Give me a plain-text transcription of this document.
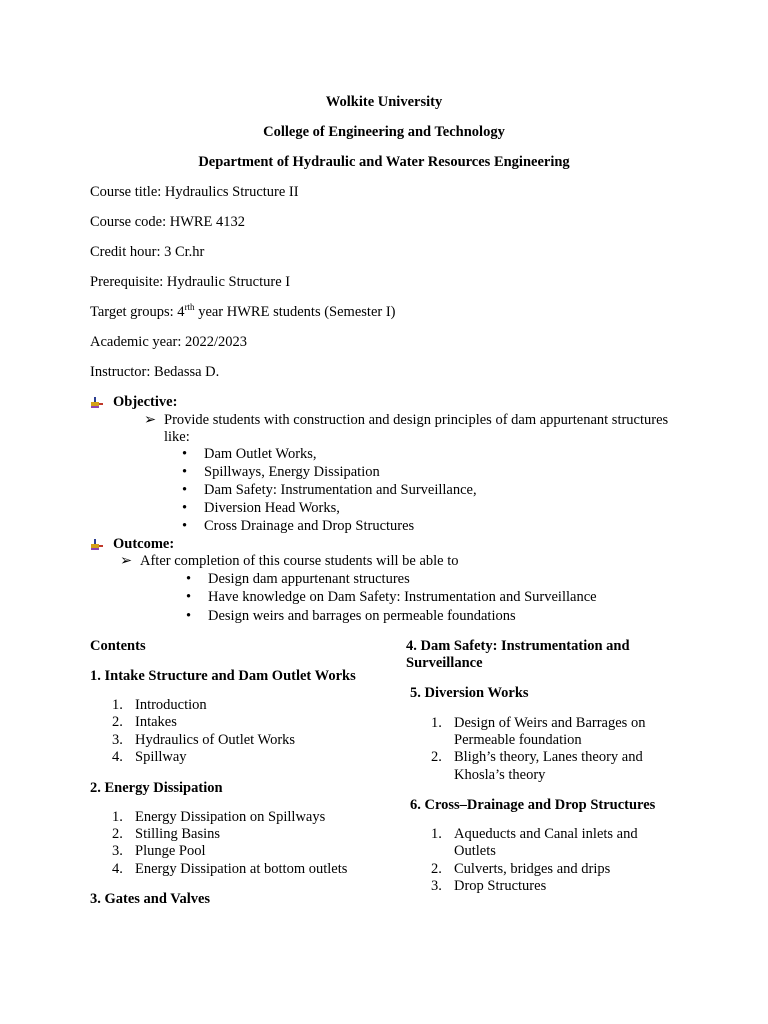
Wolkite University
College of Engineering and Technology
Department of Hydraulic and Water Resources Engineering
Course title: Hydraulics Structure II
Course code: HWRE 4132
Credit hour: 3 Cr.hr
Prerequisite: Hydraulic Structure I
Target groups: $4^{rth}$ year HWRE students (Semester I)
Academic year: 2022/2023
Instructor: Bedassa D.
Objective:
➢ Provide students with construction and design principles of dam appurtenant structures
like:
• Dam Outlet Works,
• Spillways, Energy Dissipation
• Dam Safety: Instrumentation and Surveillance,
• Diversion Head Works,
• Cross Drainage and Drop Structures
Outcome:
➢ After completion of this course students will be able to
• Design dam appurtenant structures
• Have knowledge on Dam Safety: Instrumentation and Surveillance
• Design weirs and barrages on permeable foundations
Contents
1. Intake Structure and Dam Outlet Works
1. Introduction
2. Intakes
3. Hydraulics of Outlet Works
4. Spillway
2. Energy Dissipation
1. Energy Dissipation on Spillways
2. Stilling Basins
3. Plunge Pool
4. Energy Dissipation at bottom outlets
3. Gates and Valves
4. Dam Safety: Instrumentation and
Surveillance
5. Diversion Works
1. Design of Weirs and Barrages on
Permeable foundation
2. Bligh’s theory, Lanes theory and
Khosla’s theory
6. Cross–Drainage and Drop Structures
1. Aqueducts and Canal inlets and
Outlets
2. Culverts, bridges and drips
3. Drop Structures
